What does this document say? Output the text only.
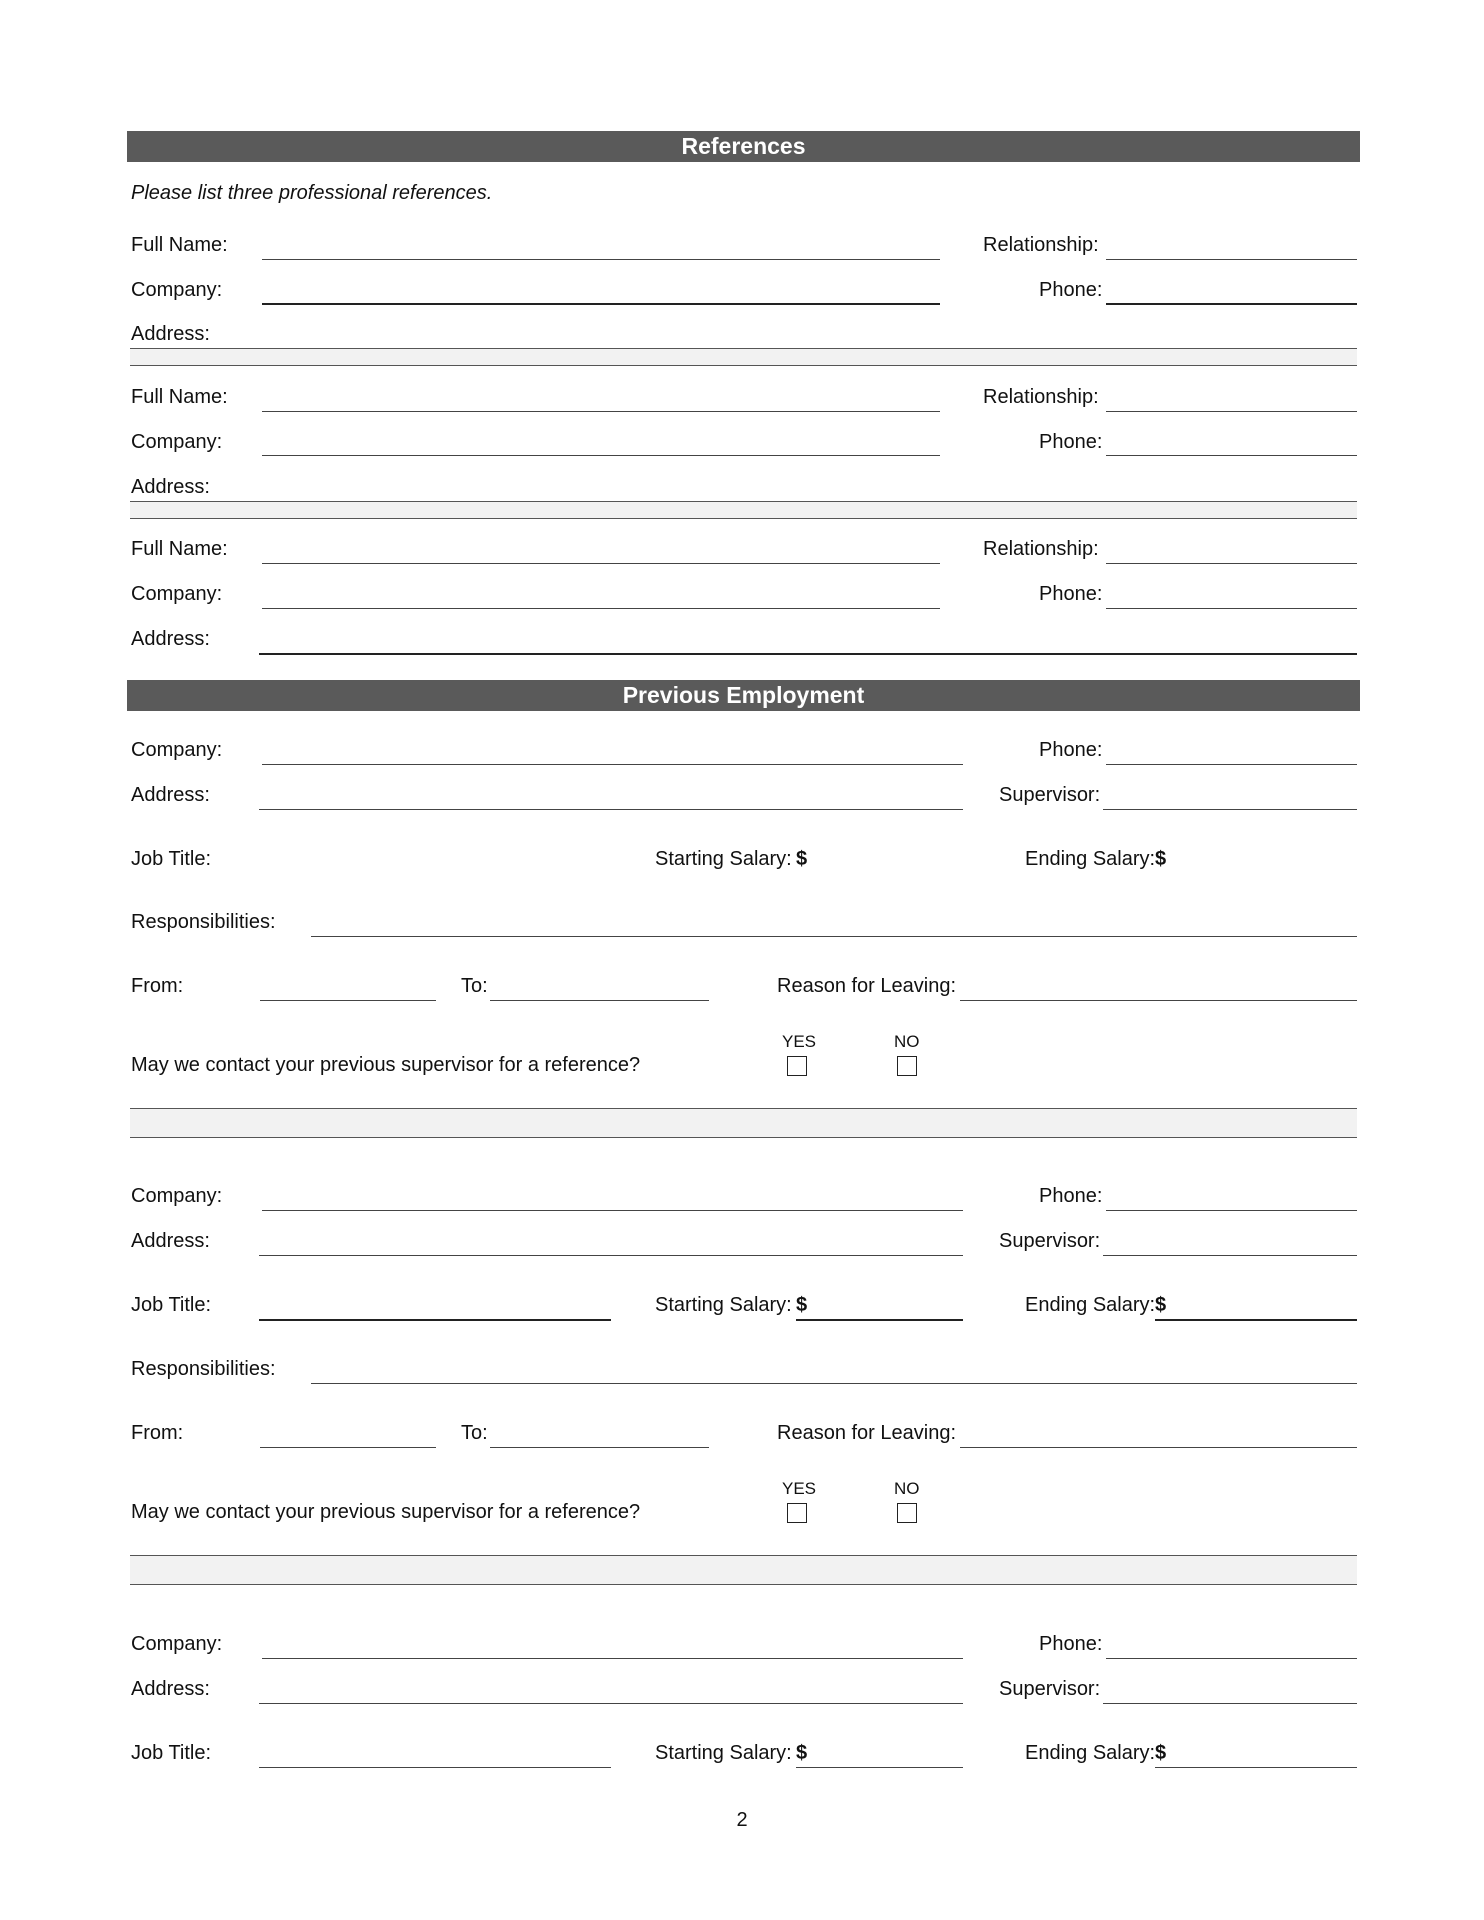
References
Please list three professional references.
Full Name:	Relationship:
Company:	Phone:
Address:
Full Name:	Relationship:
Company:	Phone:
Address:
Full Name:	Relationship:
Company:	Phone:
Address:
Previous Employment
Company:	Phone:
Address:	Supervisor:
Job Title:	Starting Salary: $	Ending Salary: $
Responsibilities:
From:	To:	Reason for Leaving:
YES	NO
May we contact your previous supervisor for a reference?
Company:	Phone:
Address:	Supervisor:
Job Title:	Starting Salary: $	Ending Salary: $
Responsibilities:
From:	To:	Reason for Leaving:
YES	NO
May we contact your previous supervisor for a reference?
Company:	Phone:
Address:	Supervisor:
Job Title:	Starting Salary: $	Ending Salary: $
2
